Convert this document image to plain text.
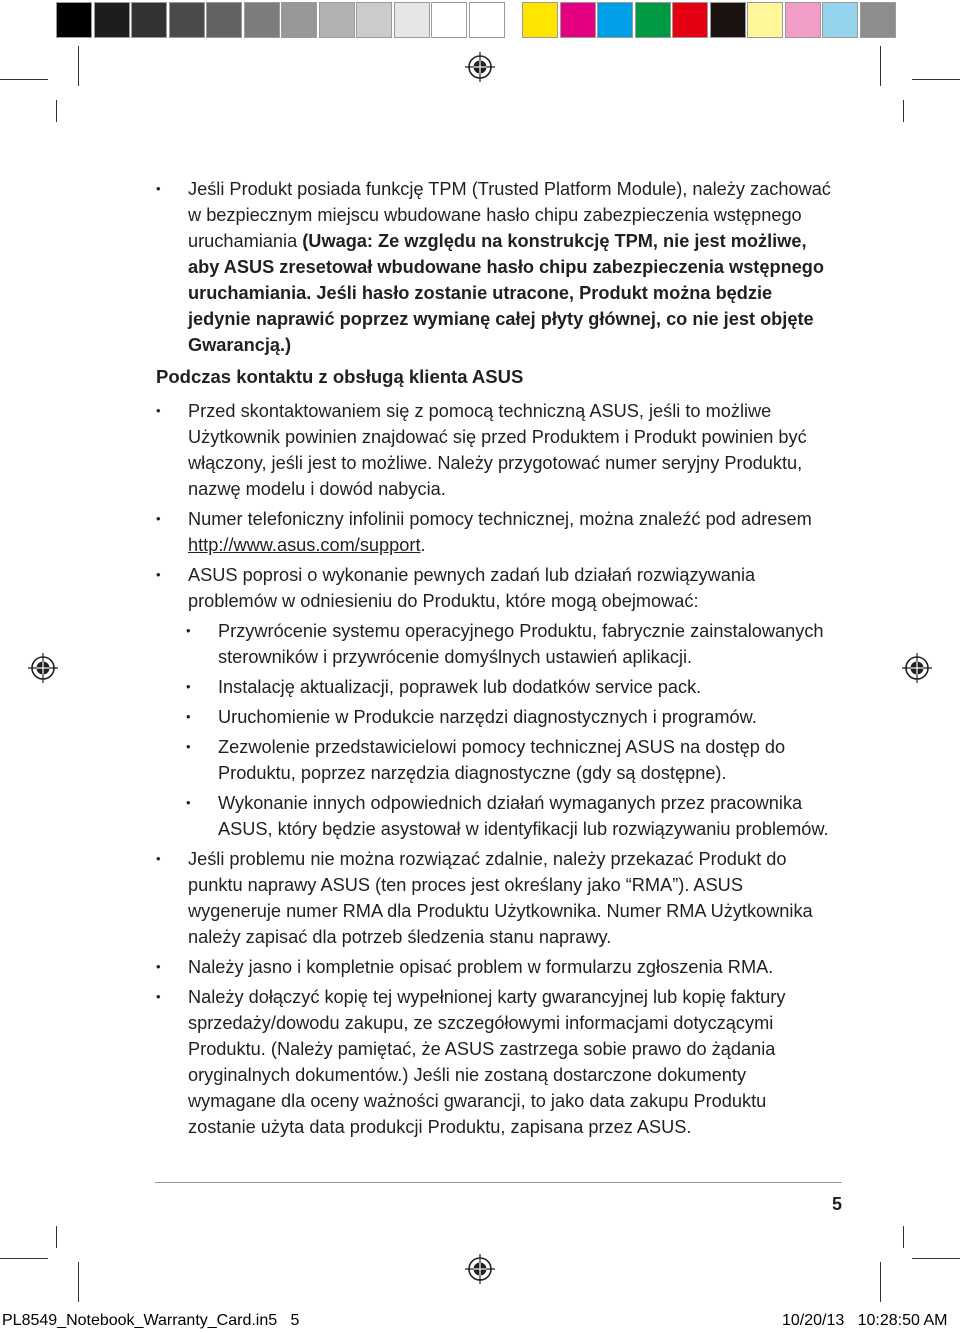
• Jeśli Produkt posiada funkcję TPM (Trusted Platform Module), należy zachować w bezpiecznym miejscu wbudowane hasło chipu zabezpieczenia wstępnego uruchamiania (Uwaga: Ze względu na konstrukcję TPM, nie jest możliwe, aby ASUS zresetował wbudowane hasło chipu zabezpieczenia wstępnego uruchamiania. Jeśli hasło zostanie utracone, Produkt można będzie jedynie naprawić poprzez wymianę całej płyty głównej, co nie jest objęte Gwarancją.)

Podczas kontaktu z obsługą klienta ASUS

• Przed skontaktowaniem się z pomocą techniczną ASUS, jeśli to możliwe Użytkownik powinien znajdować się przed Produktem i Produkt powinien być włączony, jeśli jest to możliwe. Należy przygotować numer seryjny Produktu, nazwę modelu i dowód nabycia.

• Numer telefoniczny infolinii pomocy technicznej, można znaleźć pod adresem http://www.asus.com/support.

• ASUS poprosi o wykonanie pewnych zadań lub działań rozwiązywania problemów w odniesieniu do Produktu, które mogą obejmować:

• Przywrócenie systemu operacyjnego Produktu, fabrycznie zainstalowanych sterowników i przywrócenie domyślnych ustawień aplikacji.

• Instalację aktualizacji, poprawek lub dodatków service pack.

• Uruchomienie w Produkcie narzędzi diagnostycznych i programów.

• Zezwolenie przedstawicielowi pomocy technicznej ASUS na dostęp do Produktu, poprzez narzędzia diagnostyczne (gdy są dostępne).

• Wykonanie innych odpowiednich działań wymaganych przez pracownika ASUS, który będzie asystował w identyfikacji lub rozwiązywaniu problemów.

• Jeśli problemu nie można rozwiązać zdalnie, należy przekazać Produkt do punktu naprawy ASUS (ten proces jest określany jako “RMA”). ASUS wygeneruje numer RMA dla Produktu Użytkownika. Numer RMA Użytkownika należy zapisać dla potrzeb śledzenia stanu naprawy.

• Należy jasno i kompletnie opisać problem w formularzu zgłoszenia RMA.

• Należy dołączyć kopię tej wypełnionej karty gwarancyjnej lub kopię faktury sprzedaży/dowodu zakupu, ze szczegółowymi informacjami dotyczącymi Produktu. (Należy pamiętać, że ASUS zastrzega sobie prawo do żądania oryginalnych dokumentów.) Jeśli nie zostaną dostarczone dokumenty wymagane dla oceny ważności gwarancji, to jako data zakupu Produktu zostanie użyta data produkcji Produktu, zapisana przez ASUS.

5
PL8549_Notebook_Warranty_Card.in5   5	10/20/13   10:28:50 AM
